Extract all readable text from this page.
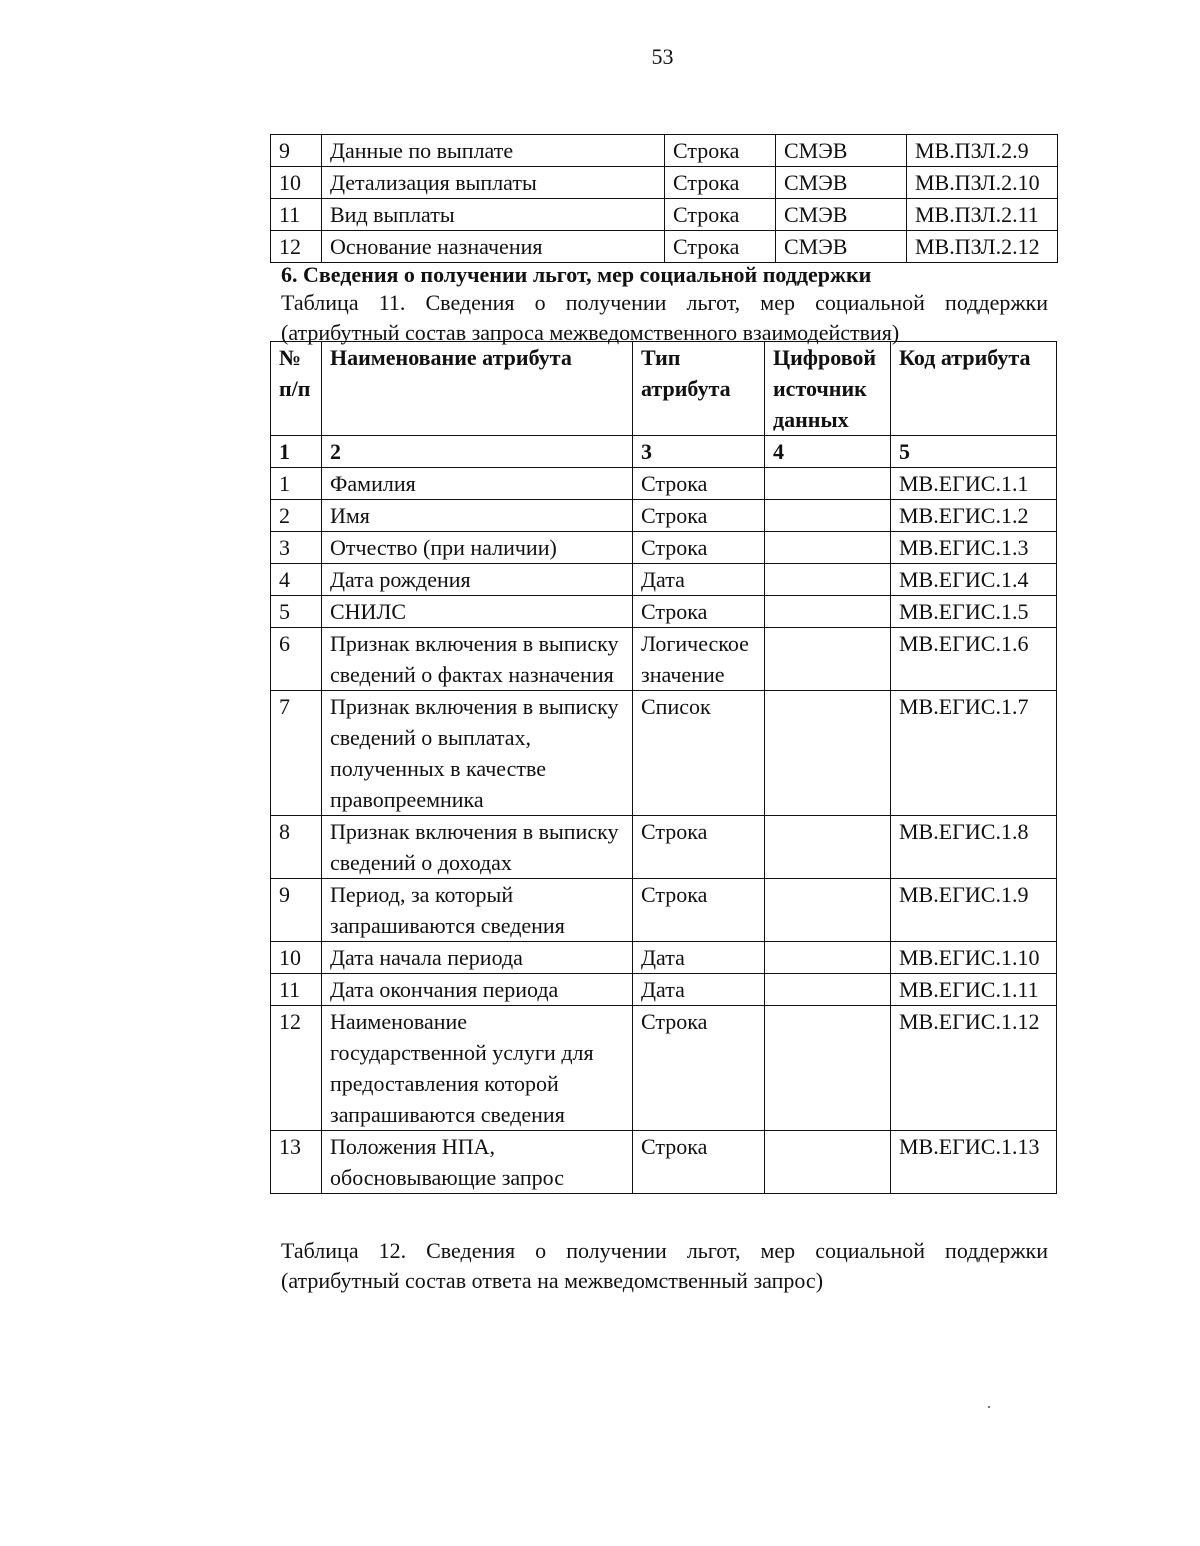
53
9	Данные по выплате	Строка	СМЭВ	МВ.ПЗЛ.2.9
10	Детализация выплаты	Строка	СМЭВ	МВ.ПЗЛ.2.10
11	Вид выплаты	Строка	СМЭВ	МВ.ПЗЛ.2.11
12	Основание назначения	Строка	СМЭВ	МВ.ПЗЛ.2.12
6. Сведения о получении льгот, мер социальной поддержки
Таблица 11. Сведения о получении льгот, мер социальной поддержки (атрибутный состав запроса межведомственного взаимодействия)
№ п/п	Наименование атрибута	Тип атрибута	Цифровой источник данных	Код атрибута
1	2	3	4	5
1	Фамилия	Строка		МВ.ЕГИС.1.1
2	Имя	Строка		МВ.ЕГИС.1.2
3	Отчество (при наличии)	Строка		МВ.ЕГИС.1.3
4	Дата рождения	Дата		МВ.ЕГИС.1.4
5	СНИЛС	Строка		МВ.ЕГИС.1.5
6	Признак включения в выписку сведений о фактах назначения	Логическое значение		МВ.ЕГИС.1.6
7	Признак включения в выписку сведений о выплатах, полученных в качестве правопреемника	Список		МВ.ЕГИС.1.7
8	Признак включения в выписку сведений о доходах	Строка		МВ.ЕГИС.1.8
9	Период, за который запрашиваются сведения	Строка		МВ.ЕГИС.1.9
10	Дата начала периода	Дата		МВ.ЕГИС.1.10
11	Дата окончания периода	Дата		МВ.ЕГИС.1.11
12	Наименование государственной услуги для предоставления которой запрашиваются сведения	Строка		МВ.ЕГИС.1.12
13	Положения НПА, обосновывающие запрос	Строка		МВ.ЕГИС.1.13
Таблица 12. Сведения о получении льгот, мер социальной поддержки (атрибутный состав ответа на межведомственный запрос)
